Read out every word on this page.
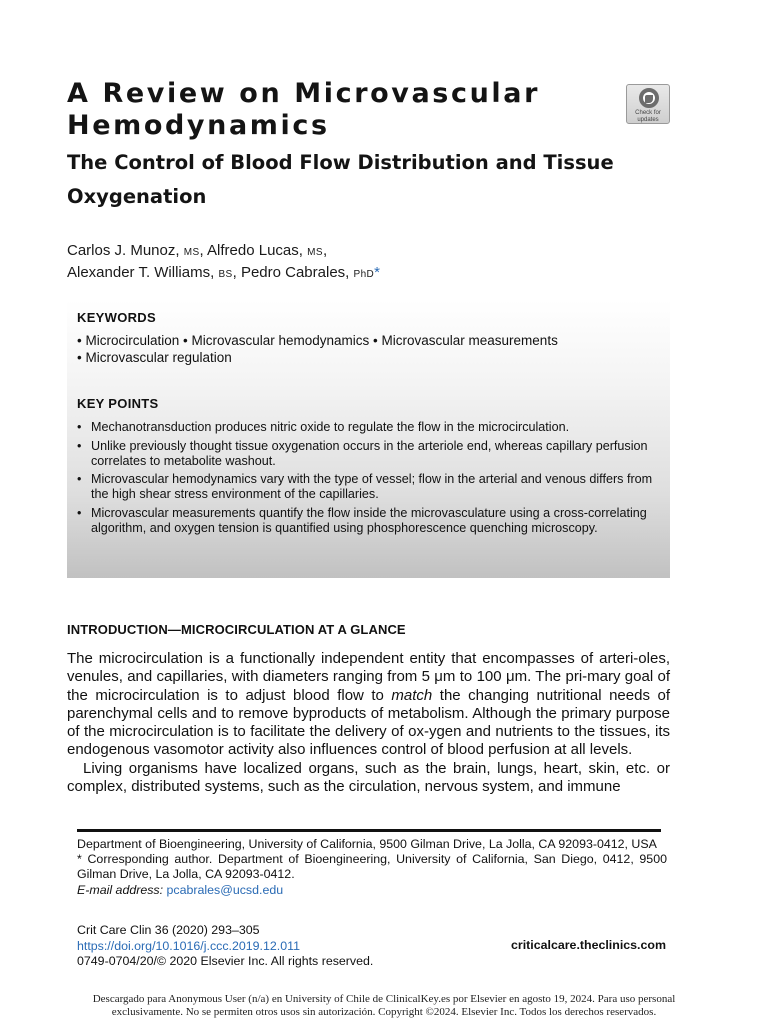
A Review on Microvascular Hemodynamics
The Control of Blood Flow Distribution and Tissue Oxygenation
Check for
updates
Carlos J. Munoz, MS, Alfredo Lucas, MS,
Alexander T. Williams, BS, Pedro Cabrales, PhD*
KEYWORDS
• Microcirculation • Microvascular hemodynamics • Microvascular measurements
• Microvascular regulation
KEY POINTS
• Mechanotransduction produces nitric oxide to regulate the flow in the microcirculation.
• Unlike previously thought tissue oxygenation occurs in the arteriole end, whereas capillary perfusion correlates to metabolite washout.
• Microvascular hemodynamics vary with the type of vessel; flow in the arterial and venous differs from the high shear stress environment of the capillaries.
• Microvascular measurements quantify the flow inside the microvasculature using a cross-correlating algorithm, and oxygen tension is quantified using phosphorescence quenching microscopy.
INTRODUCTION—MICROCIRCULATION AT A GLANCE

The microcirculation is a functionally independent entity that encompasses of arteri-oles, venules, and capillaries, with diameters ranging from 5 μm to 100 μm. The pri-mary goal of the microcirculation is to adjust blood flow to match the changing nutritional needs of parenchymal cells and to remove byproducts of metabolism. Although the primary purpose of the microcirculation is to facilitate the delivery of ox-ygen and nutrients to the tissues, its endogenous vasomotor activity also influences control of blood perfusion at all levels.

Living organisms have localized organs, such as the brain, lungs, heart, skin, etc. or complex, distributed systems, such as the circulation, nervous system, and immune

Department of Bioengineering, University of California, 9500 Gilman Drive, La Jolla, CA 92093-0412, USA

* Corresponding author. Department of Bioengineering, University of California, San Diego, 0412, 9500 Gilman Drive, La Jolla, CA 92093-0412.

E-mail address: pcabrales@ucsd.edu

Crit Care Clin 36 (2020) 293–305
https://doi.org/10.1016/j.ccc.2019.12.011
0749-0704/20/© 2020 Elsevier Inc. All rights reserved.
criticalcare.theclinics.com
Descargado para Anonymous User (n/a) en University of Chile de ClinicalKey.es por Elsevier en agosto 19, 2024. Para uso personal
exclusivamente. No se permiten otros usos sin autorización. Copyright ©2024. Elsevier Inc. Todos los derechos reservados.
